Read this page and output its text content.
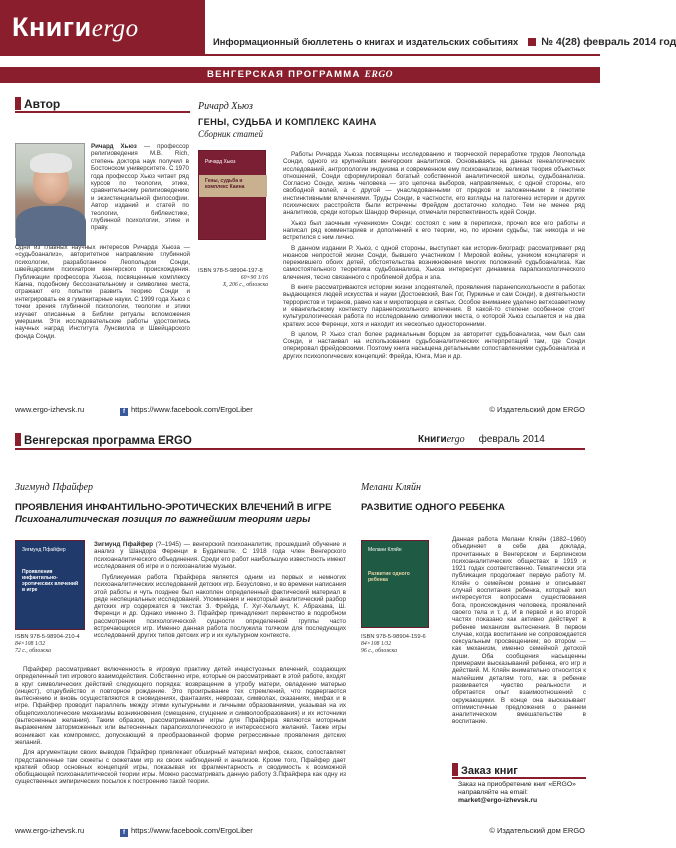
Книгиergo	Информационный бюллетень о книгах и издательских событиях № 4(28) февраль 2014 год
ВЕНГЕРСКАЯ ПРОГРАММА ERGO
Автор
Ричард Хьюз — профессор религиоведения M.B. Rich, степень доктора наук получил в Бостонском университете. С 1970 года профессор Хьюз читает ряд курсов по теологии, этике, сравнительному религиоведению и экзистенциальной философии. Автор изданий и статей по теологии, библеистике, глубинной психологии, этике и праву.
Одни из главных научных интересов Ричарда Хьюза — «судьбоанализ», авторитетное направление глубинной психологии, разработанное Леопольдом Сонди, швейцарским психиатром венгерского происхождения. Публикации профессора Хьюза, посвященные комплексу Каина, подобному бессознательному и символике места, отражают его попытки развить теорию Сонди и интегрировать ее в гуманитарные науки. С 1999 года Хьюз с точки зрения глубинной психологии, теологии и этики изучает описанные в Библии ритуалы вспоможения умершим. Эти исследовательские работы удостоились научных наград Института Лунсвилла и Швейцарского фонда Сонди.
Ричард Хьюз
ГЕНЫ, СУДЬБА И КОМПЛЕКС КАИНА
Сборник статей
Ричард Хьюз
Гены, судьба и комплекс Каина
ISBN 978-5-98904-197-8
60×90 1/16
X, 206 с., обложка

Работы Ричарда Хьюза посвящены исследованию и творческой переработке трудов Леопольда Сонди, одного из крупнейших венгерских аналитиков. Основываясь на данных генеалогических исследований, антропологии индуизма и современном ему психоанализе, великая теория объектных отношений, Сонди сформулировал богатый собственной аналитической школы, судьбоанализа. Согласно Сонди, жизнь человека — это цепочка выборов, направляемых, с одной стороны, его свободной волей, а с другой — унаследованными от предков и заложенными в генотипе инстинктивными влечениями. Труды Сонди, в частности, его взгляды на патогенез истерии и других психических расстройств были встречены Фрейдом достаточно холодно. Тем не менее ряд аналитиков, среди которых Шандор Ференци, отмечали перспективность идей Сонди.

Хьюз был заочным «учеником» Сонди: состоял с ним в переписке, прочел все его работы и написал ряд комментариев и дополнений к его теории, но, по иронии судьбы, так никогда и не встретился с ним лично.

В данном издании Р. Хьюз, с одной стороны, выступает как историк-биограф: рассматривает ряд нюансов непростой жизни Сонди, бывшего участником I Мировой войны, узником концлагеря и пережившего обоих детей, обстоятельства возникновения многих положений судьбоанализа. Как самостоятельного теоретика судьбоанализа, Хьюза интересует динамика парапсихологического влечения, тесно связанного с проблемой добра и зла.

В книге рассматриваются истории жизни злодеятелей, проявления паранепсихольности в работах выдающихся людей искусства и науки (Достоевский, Ван Гог, Пуркинье и сам Сонди), в деятельности террористов и тиранов, равно как и миротворцев и святых. Особое внимание уделено ветхозаветному и евангельскому контексту паранепсихольного влечения. В какой-то степени особенное стоит культурологическая работа по исследованию символики места, о которой Хьюз ссылается и на два кратких эссе Ференци, хотя и находит их несколько односторонними.

В целом, Р. Хьюз стал более радикальным борцом за авторитет судьбоанализа, чем был сам Сонди, и настаивал на использовании судьбоаналитических интерпретаций там, где Сонди оперировал фрейдовскими. Поэтому книга насыщена детальными сопоставлениями судьбоанализа и других психологических концепций: Фрейда, Юнга, Мэя и др.

www.ergo-izhevsk.ru	f https://www.facebook.com/ErgoLiber	© Издательский дом ERGO
Венгерская программа ERGO	Книгиergo февраль 2014
Зигмунд Пфайфер
ПРОЯВЛЕНИЯ ИНФАНТИЛЬНО-ЭРОТИЧЕСКИХ ВЛЕЧЕНИЙ В ИГРЕ
Психоаналитическая позиция по важнейшим теориям игры
Зигмунд Пфайфер
Проявления инфантильно-эротических влечений в игре
ISBN 978-5-98904-210-4
84×108 1/32
72 с., обложка

Зигмунд Пфайфер (?–1945) — венгерский психоаналитик, прошедший обучение и анализ у Шандора Ференци в Будапеште. С 1918 года член Венгерского психоаналитического объединения. Среди его работ наибольшую известность имеют исследования об игре и о психоанализе музыки.

Публикуемая работа Пфайфера является одним из первых и немногих психоаналитических исследований детских игр. Безусловно, и во времени написания этой работы и чуть позднее был накоплен определенный фактический материал в ряде неспециальных исследований. Упоминания и некоторый аналитический разбор детских игр содержатся в текстах З. Фрейда, Г. Хуг-Хельмут, К. Абрахама, Ш. Ференци и др. Однако именно З. Пфайфер принадлежит первенство в подробном рассмотрении психологической сущности определенной группы часто встречающихся игр. Именно данная работа послужила толчком для последующих исследований других типов детских игр и их культурном контексте.

Пфайфер рассматривает включенность в игровую практику детей инцестуозных влечений, создающих определенный тип игрового взаимодействия. Собственно игре, которые он рассматривает в этой работе, входят в круг символических действий следующего порядка: возвращение в утробу матери, овладение матерью (инцест), отцеубийство и повторное рождение. Это проигрывание тех стремлений, что подвергаются вытеснению и вновь осуществляются в сновидениях, фантазиях, неврозах, символах, сказаниях, мифах и в игре. Пфайфер проводит параллель между этими культурными и личными образованиями, указывая на их общепсихологические механизмы возникновения (смещение, сгущение и символообразования) и их источники (вытесненные желания). Таким образом, рассматриваемые игры для Пфайфера являются моторным выражением заторможенных или вытесненных парапсихологического и интерсессного желаний. Также игры возникают как компромисс, допускающий в преобразованной форме регрессивные проявления детских желаний.

Для аргументации своих выводов Пфайфер привлекает обширный материал мифов, сказок, сопоставляет представленные там сюжеты с сюжетами игр из своих наблюдений и анализов. Кроме того, Пфайфер дает краткий обзор основных концепций игры, показывая их фрагментарность и сводимость к возможной обобщающей психоаналитической теории игры. Можно рассматривать данную работу З.Пфайфера как одну из существенных эмпирических посылок к построению такой теории.

Мелани Кляйн
РАЗВИТИЕ ОДНОГО РЕБЕНКА
Мелани Кляйн
Развитие одного ребенка
ISBN 978-5-98904-159-6
84×108 1/32
96 с., обложка

Данная работа Мелани Кляйн (1882–1960) объединяет в себе два доклада, прочитанных в Венгерском и Берлинском психоаналитических обществах в 1919 и 1921 годах соответственно. Тематически эта публикация продолжает первую работу М. Кляйн о семейном романе и описывает случай воспитания ребенка, который жил интересуется вопросами существования бога, происхождения человека, проявлений своего тела и т. д. И в первой и во второй частях показано как активно действует в ребенке механизм вытеснения. В первом случае, когда воспитание не сопровождается сексуальным просвещением; во втором — как механизм, именно семейной детской души. Оба сообщения насыщенны примерами высказываний ребенка, его игр и действий. М. Кляйн внимательно относится к малейшим деталям того, как в ребенке развивается чувство реальности и обретается опыт взаимоотношений с окружающими. В конце она высказывает оптимистичные предложения о раннем аналитическом вмешательстве в воспитание.

Заказ книг
Заказ на приобретение книг «ERGO»
направляйте на email:
market@ergo-izhevsk.ru
www.ergo-izhevsk.ru	f https://www.facebook.com/ErgoLiber	© Издательский дом ERGO
